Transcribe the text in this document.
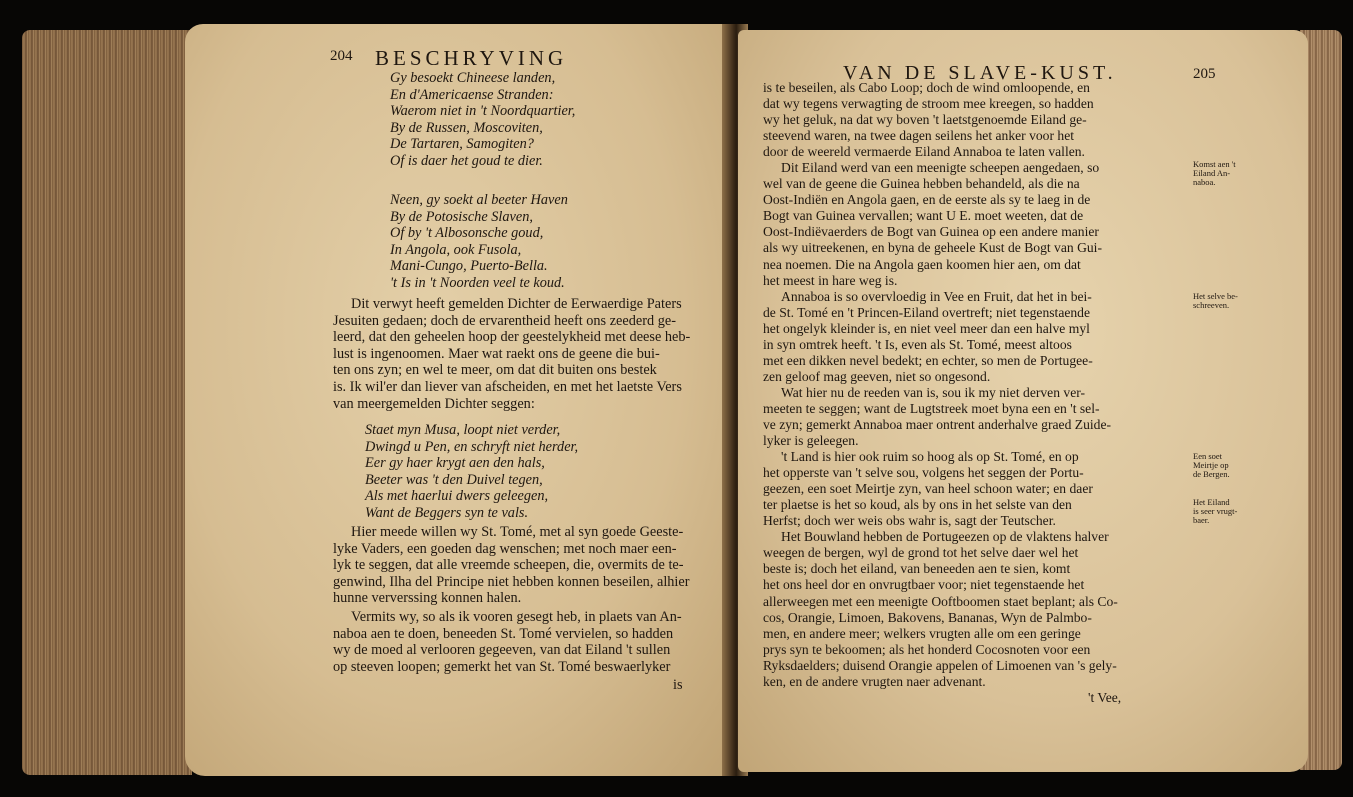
204 BESCHRYVING

Gy besoekt Chineese landen,

En d'Americaense Stranden:

Waerom niet in 't Noordquartier,

By de Russen, Moscoviten,

De Tartaren, Samogiten?

Of is daer het goud te dier.

Neen, gy soekt al beeter Haven

By de Potosische Slaven,

Of by 't Albosonsche goud,

In Angola, ook Fusola,

Mani-Cungo, Puerto-Bella.

't Is in 't Noorden veel te koud.

Dit verwyt heeft gemelden Dichter de Eerwaerdige Paters

Jesuiten gedaen; doch de ervarentheid heeft ons zeederd ge-

leerd, dat den geheelen hoop der geestelykheid met deese heb-

lust is ingenoomen. Maer wat raekt ons de geene die bui-

ten ons zyn; en wel te meer, om dat dit buiten ons bestek

is. Ik wil'er dan liever van afscheiden, en met het laetste Vers

van meergemelden Dichter seggen:

Staet myn Musa, loopt niet verder,

Dwingd u Pen, en schryft niet herder,

Eer gy haer krygt aen den hals,

Beeter was 't den Duivel tegen,

Als met haerlui dwers geleegen,

Want de Beggers syn te vals.

Hier meede willen wy St. Tomé, met al syn goede Geeste-

lyke Vaders, een goeden dag wenschen; met noch maer een-

lyk te seggen, dat alle vreemde scheepen, die, overmits de te-

genwind, Ilha del Principe niet hebben konnen beseilen, alhier

hunne ververssing konnen halen.

Vermits wy, so als ik vooren gesegt heb, in plaets van An-

naboa aen te doen, beneeden St. Tomé vervielen, so hadden

wy de moed al verlooren gegeeven, van dat Eiland 't sullen

op steeven loopen; gemerkt het van St. Tomé beswaerlyker

is
VAN DE SLAVE-KUST.	205

is te beseilen, als Cabo Loop; doch de wind omloopende, en

dat wy tegens verwagting de stroom mee kreegen, so hadden

wy het geluk, na dat wy boven 't laetstgenoemde Eiland ge-

steevend waren, na twee dagen seilens het anker voor het

door de weereld vermaerde Eiland Annaboa te laten vallen.

Dit Eiland werd van een meenigte scheepen aengedaen, so

wel van de geene die Guinea hebben behandeld, als die na

Oost-Indiën en Angola gaen, en de eerste als sy te laeg in de

Bogt van Guinea vervallen; want U E. moet weeten, dat de

Oost-Indiëvaerders de Bogt van Guinea op een andere manier

als wy uitreekenen, en byna de geheele Kust de Bogt van Gui-

nea noemen. Die na Angola gaen koomen hier aen, om dat

het meest in hare weg is.

Annaboa is so overvloedig in Vee en Fruit, dat het in bei-

de St. Tomé en 't Princen-Eiland overtreft; niet tegenstaende

het ongelyk kleinder is, en niet veel meer dan een halve myl

in syn omtrek heeft. 't Is, even als St. Tomé, meest altoos

met een dikken nevel bedekt; en echter, so men de Portugee-

zen geloof mag geeven, niet so ongesond.

Wat hier nu de reeden van is, sou ik my niet derven ver-

meeten te seggen; want de Lugtstreek moet byna een en 't sel-

ve zyn; gemerkt Annaboa maer ontrent anderhalve graed Zuide-

lyker is geleegen.

't Land is hier ook ruim so hoog als op St. Tomé, en op

het opperste van 't selve sou, volgens het seggen der Portu-

geezen, een soet Meirtje zyn, van heel schoon water; en daer

ter plaetse is het so koud, als by ons in het selste van den

Herfst; doch wer weis obs wahr is, sagt der Teutscher.

Het Bouwland hebben de Portugeezen op de vlaktens halver

weegen de bergen, wyl de grond tot het selve daer wel het

beste is; doch het eiland, van beneeden aen te sien, komt

het ons heel dor en onvrugtbaer voor; niet tegenstaende het

allerweegen met een meenigte Ooftboomen staet beplant; als Co-

cos, Orangie, Limoen, Bakovens, Bananas, Wyn de Palmbo-

men, en andere meer; welkers vrugten alle om een geringe

prys syn te bekoomen; als het honderd Cocosnoten voor een

Ryksdaelders; duisend Orangie appelen of Limoenen van 's gely-

ken, en de andere vrugten naer advenant.

't Vee,

Komst aen 't

Eiland An-

naboa.

Het selve be-

schreeven.

Een soet

Meirtje op

de Bergen.

Het Eiland

is seer vrugt-

baer.
